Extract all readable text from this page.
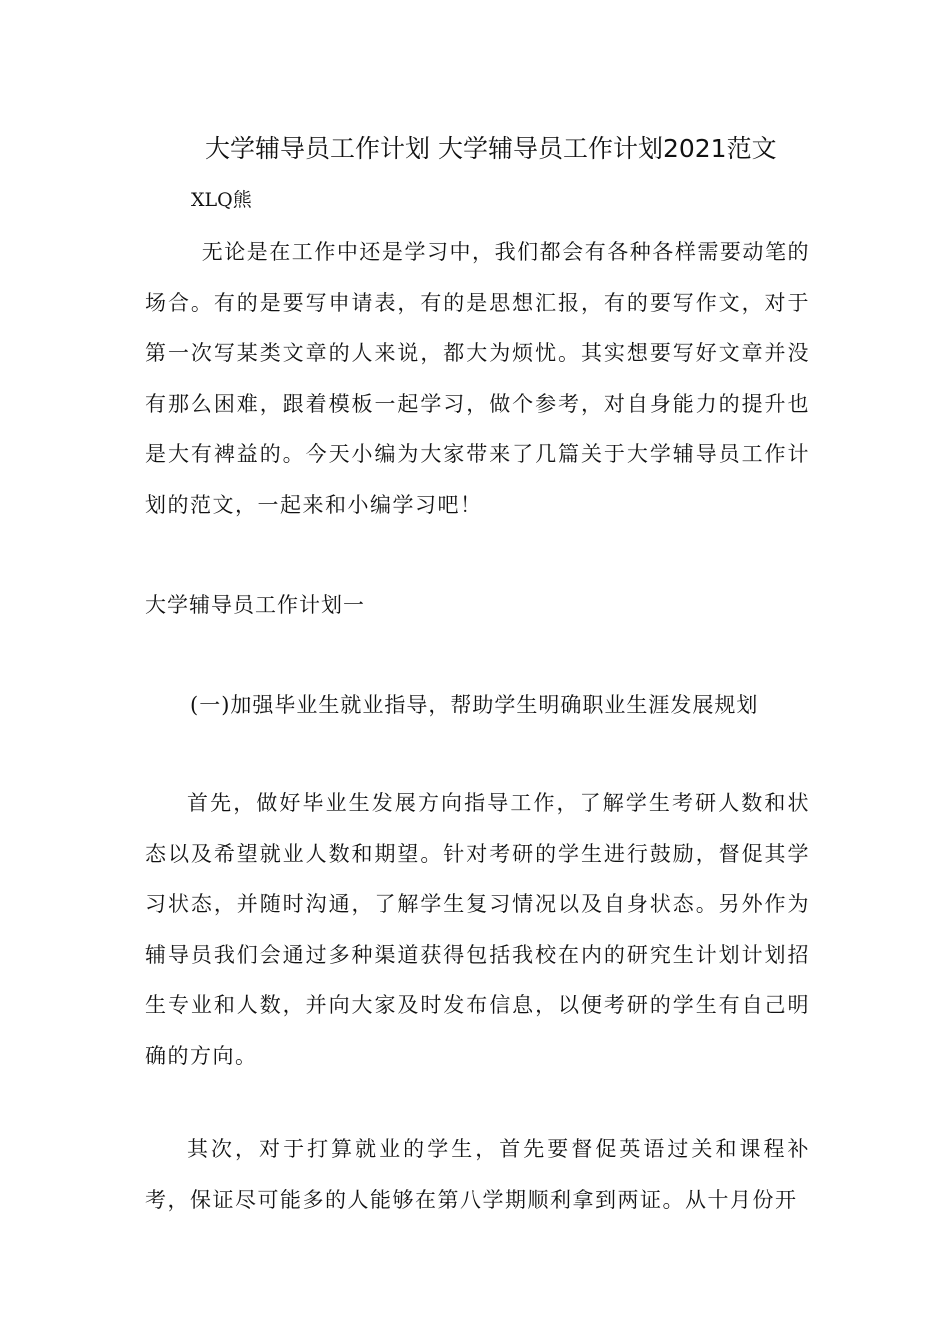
大学辅导员工作计划 大学辅导员工作计划2021范文
XLQ熊

无论是在工作中还是学习中，我们都会有各种各样需要动笔的场合。有的是要写申请表，有的是思想汇报，有的要写作文，对于第一次写某类文章的人来说，都大为烦忧。其实想要写好文章并没有那么困难，跟着模板一起学习，做个参考，对自身能力的提升也是大有裨益的。今天小编为大家带来了几篇关于大学辅导员工作计划的范文，一起来和小编学习吧！

大学辅导员工作计划一

(一)加强毕业生就业指导，帮助学生明确职业生涯发展规划

首先，做好毕业生发展方向指导工作，了解学生考研人数和状态以及希望就业人数和期望。针对考研的学生进行鼓励，督促其学习状态，并随时沟通，了解学生复习情况以及自身状态。另外作为辅导员我们会通过多种渠道获得包括我校在内的研究生计划计划招生专业和人数，并向大家及时发布信息，以便考研的学生有自己明确的方向。

其次，对于打算就业的学生，首先要督促英语过关和课程补考，保证尽可能多的人能够在第八学期顺利拿到两证。从十月份开
